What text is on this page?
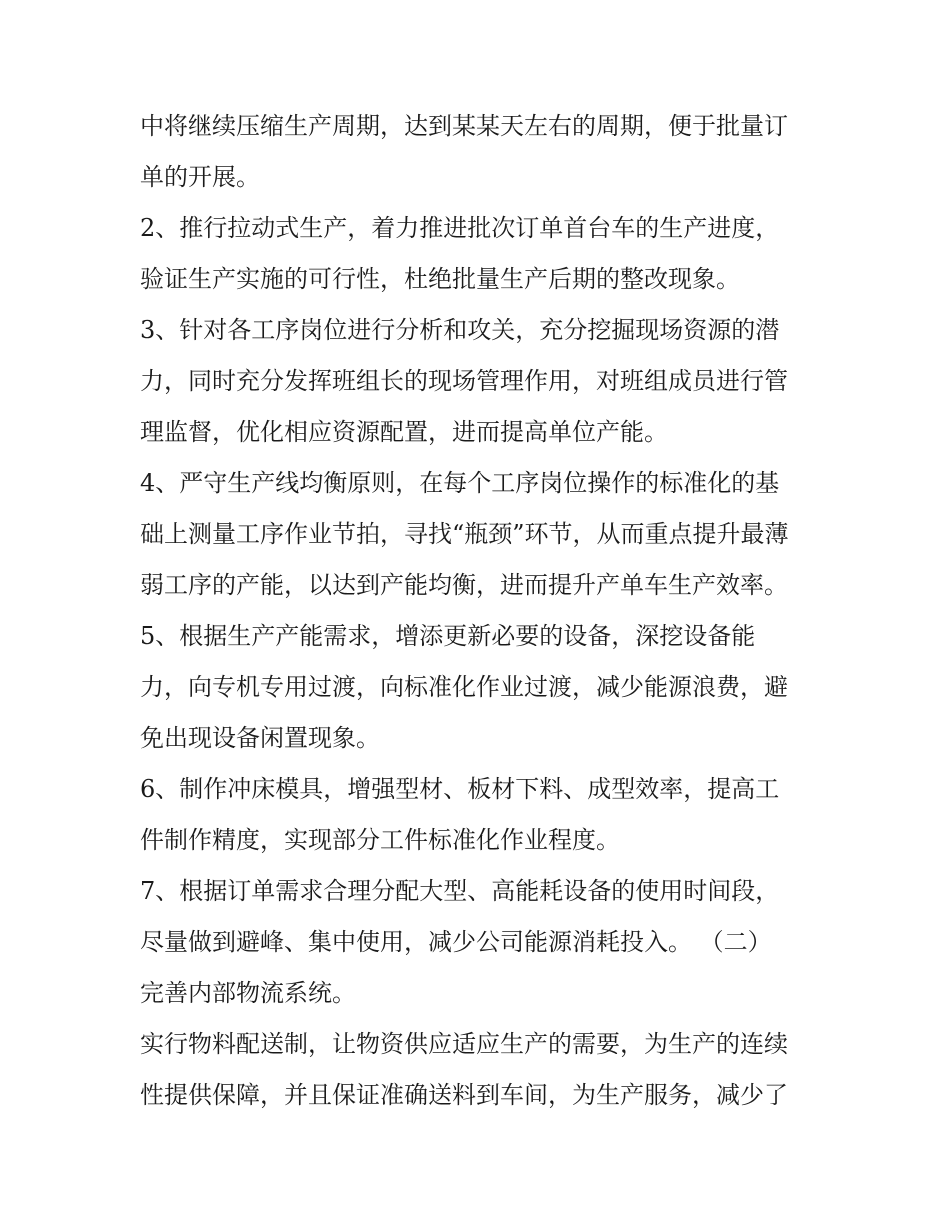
中将继续压缩生产周期，达到某某天左右的周期，便于批量订
单的开展。
2、推行拉动式生产，着力推进批次订单首台车的生产进度，
验证生产实施的可行性，杜绝批量生产后期的整改现象。
3、针对各工序岗位进行分析和攻关，充分挖掘现场资源的潜
力，同时充分发挥班组长的现场管理作用，对班组成员进行管
理监督，优化相应资源配置，进而提高单位产能。
4、严守生产线均衡原则，在每个工序岗位操作的标准化的基
础上测量工序作业节拍，寻找“瓶颈”环节，从而重点提升最薄
弱工序的产能，以达到产能均衡，进而提升产单车生产效率。
5、根据生产产能需求，增添更新必要的设备，深挖设备能
力，向专机专用过渡，向标准化作业过渡，减少能源浪费，避
免出现设备闲置现象。
6、制作冲床模具，增强型材、板材下料、成型效率，提高工
件制作精度，实现部分工件标准化作业程度。
7、根据订单需求合理分配大型、高能耗设备的使用时间段，
尽量做到避峰、集中使用，减少公司能源消耗投入。 （二）
完善内部物流系统。
实行物料配送制，让物资供应适应生产的需要，为生产的连续
性提供保障，并且保证准确送料到车间，为生产服务，减少了
